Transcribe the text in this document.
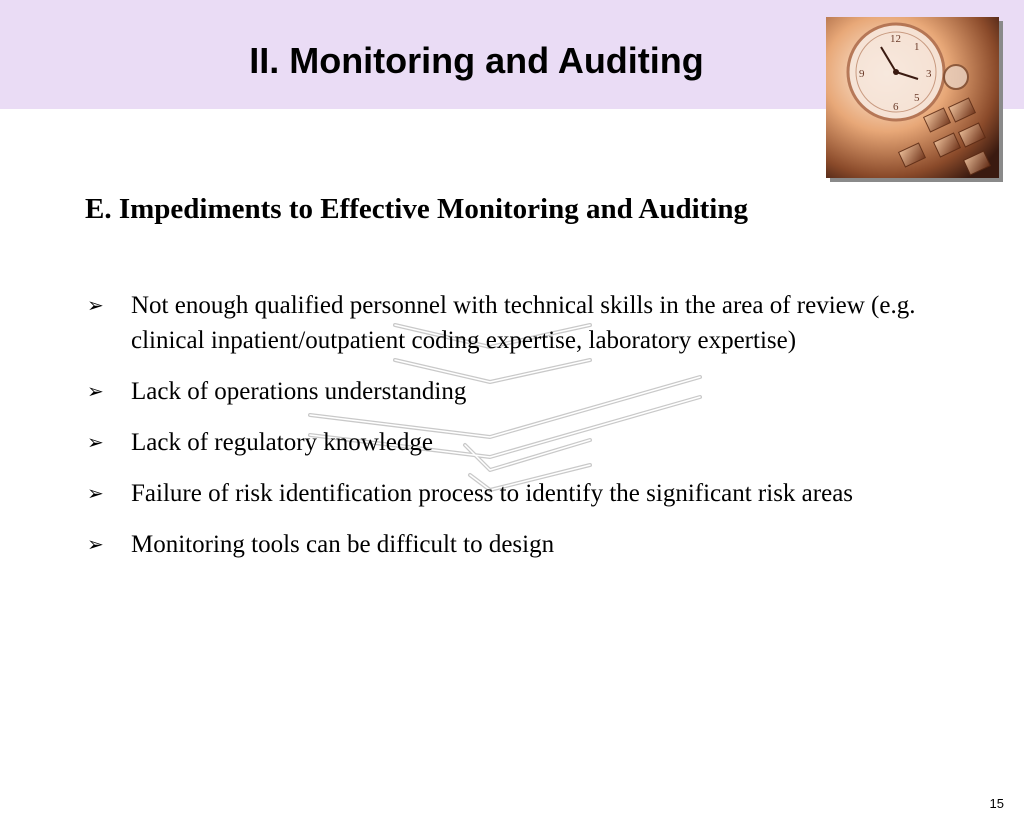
II. Monitoring and Auditing
12
3
6
9
1
5
E. Impediments to Effective Monitoring and Auditing
➢ Not enough qualified personnel with technical skills in the area of review (e.g. clinical inpatient/outpatient coding expertise, laboratory expertise)
➢ Lack of operations understanding
➢ Lack of regulatory knowledge
➢ Failure of risk identification process to identify the significant risk areas
➢ Monitoring tools can be difficult to design
15
